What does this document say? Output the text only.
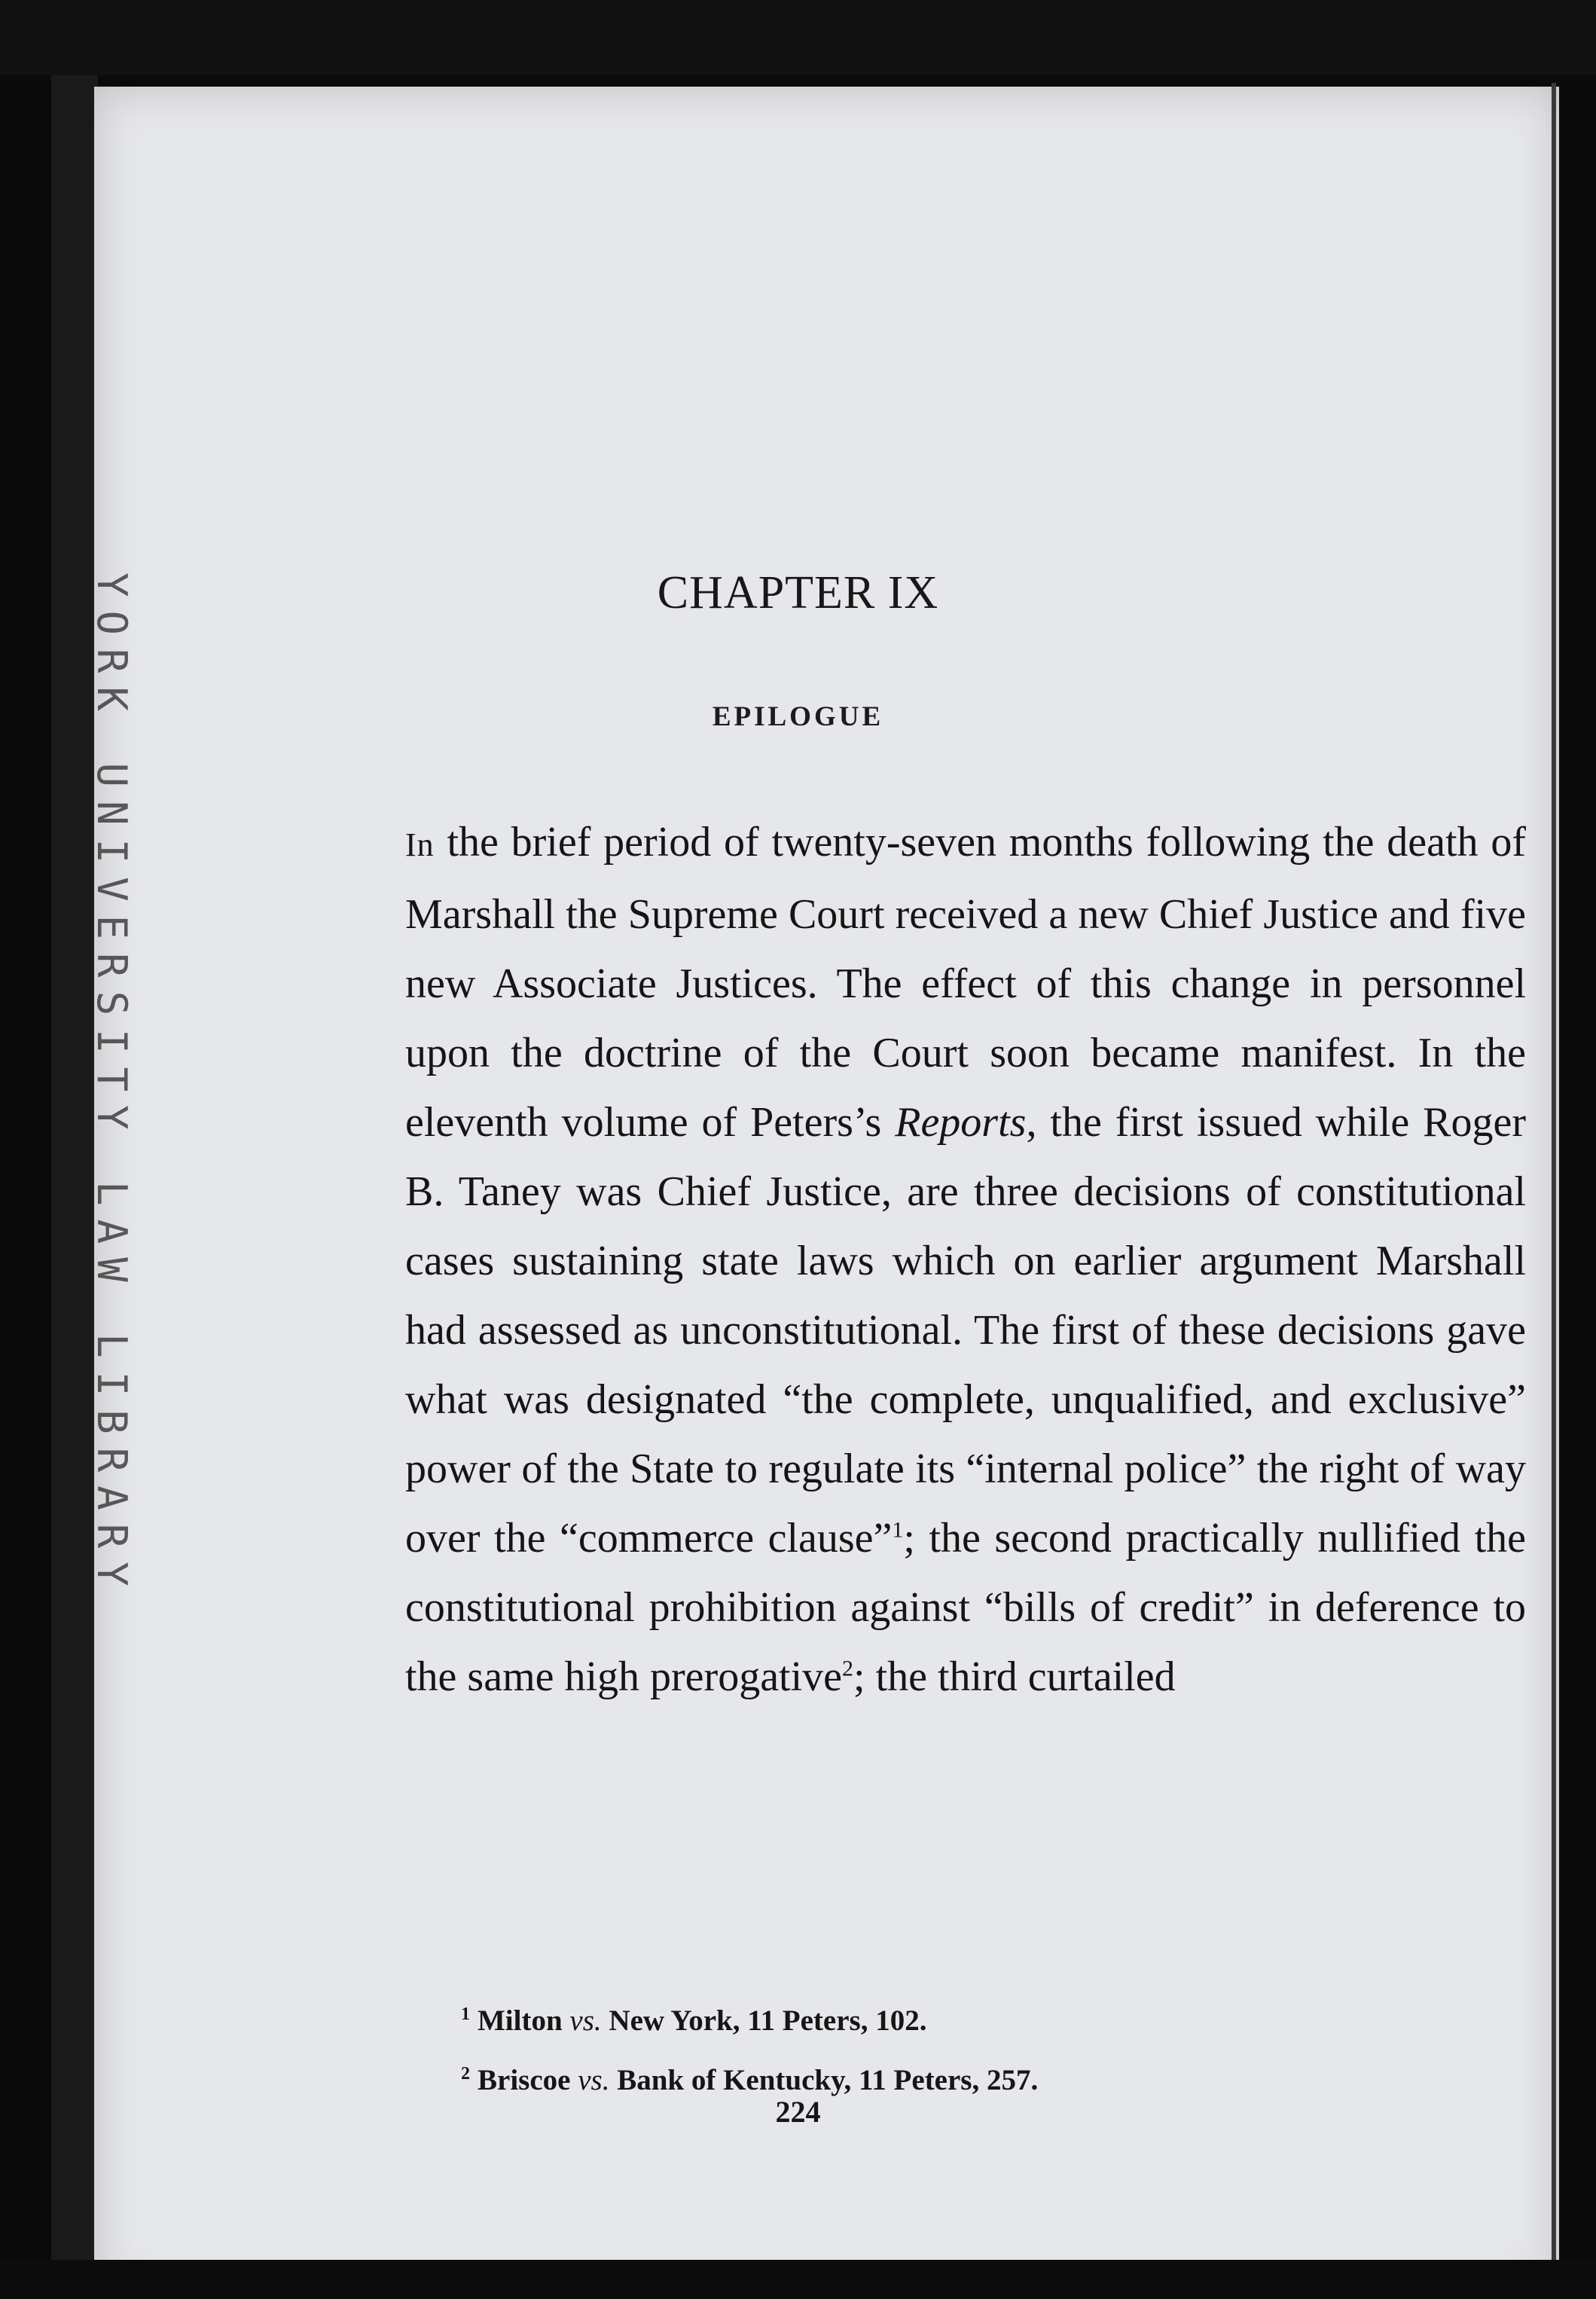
YORK UNIVERSITY LAW LIBRARY	CHAPTER IX
EPILOGUE

In the brief period of twenty-seven months following the death of Marshall the Supreme Court received a new Chief Justice and five new Associate Justices. The effect of this change in personnel upon the doctrine of the Court soon became manifest. In the eleventh volume of Peters’s Reports, the first issued while Roger B. Taney was Chief Justice, are three decisions of constitutional cases sustaining state laws which on earlier argument Marshall had assessed as unconstitutional. The first of these decisions gave what was designated “the complete, unqualified, and exclusive” power of the State to regulate its “internal police” the right of way over the “commerce clause”$^1$; the second practically nullified the constitutional prohibition against “bills of credit” in deference to the same high prerogative$^2$; the third curtailed

$^1$ Milton vs. New York, 11 Peters, 102.

$^2$ Briscoe vs. Bank of Kentucky, 11 Peters, 257.

224
